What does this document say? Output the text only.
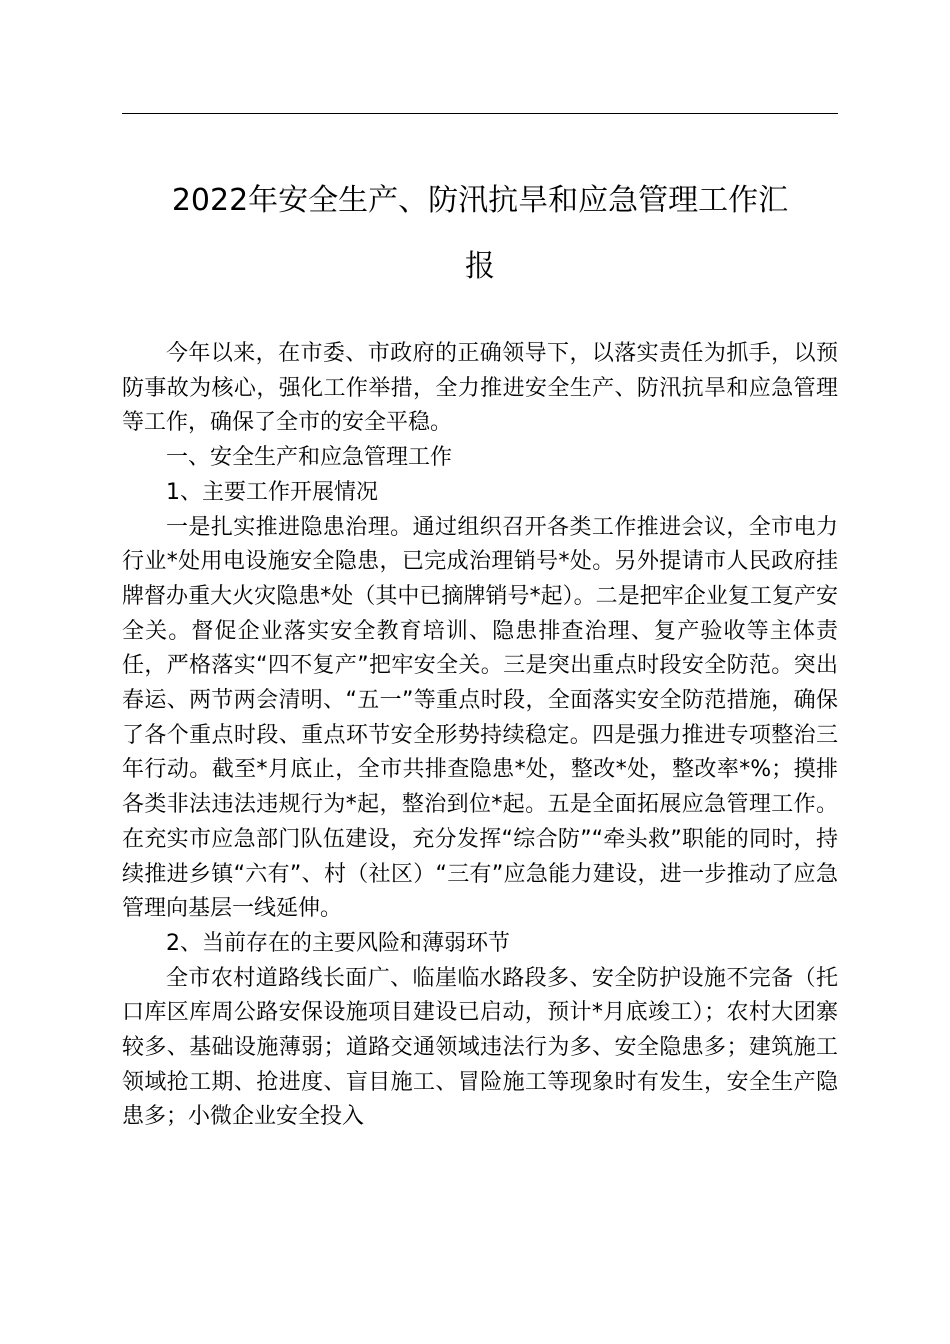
2022年安全生产、防汛抗旱和应急管理工作汇
报

今年以来，在市委、市政府的正确领导下，以落实责任为抓手，以预防事故为核心，强化工作举措，全力推进安全生产、防汛抗旱和应急管理等工作，确保了全市的安全平稳。

一、安全生产和应急管理工作

1、主要工作开展情况

一是扎实推进隐患治理。通过组织召开各类工作推进会议，全市电力行业*处用电设施安全隐患，已完成治理销号*处。另外提请市人民政府挂牌督办重大火灾隐患*处（其中已摘牌销号*起）。二是把牢企业复工复产安全关。督促企业落实安全教育培训、隐患排查治理、复产验收等主体责任，严格落实“四不复产”把牢安全关。三是突出重点时段安全防范。突出春运、两节两会清明、“五一”等重点时段，全面落实安全防范措施，确保了各个重点时段、重点环节安全形势持续稳定。四是强力推进专项整治三年行动。截至*月底止，全市共排查隐患*处，整改*处，整改率*%；摸排各类非法违法违规行为*起，整治到位*起。五是全面拓展应急管理工作。在充实市应急部门队伍建设，充分发挥“综合防”“牵头救”职能的同时，持续推进乡镇“六有”、村（社区）“三有”应急能力建设，进一步推动了应急管理向基层一线延伸。

2、当前存在的主要风险和薄弱环节

全市农村道路线长面广、临崖临水路段多、安全防护设施不完备（托口库区库周公路安保设施项目建设已启动，预计*月底竣工）；农村大团寨较多、基础设施薄弱；道路交通领域违法行为多、安全隐患多；建筑施工领域抢工期、抢进度、盲目施工、冒险施工等现象时有发生，安全生产隐患多；小微企业安全投入
